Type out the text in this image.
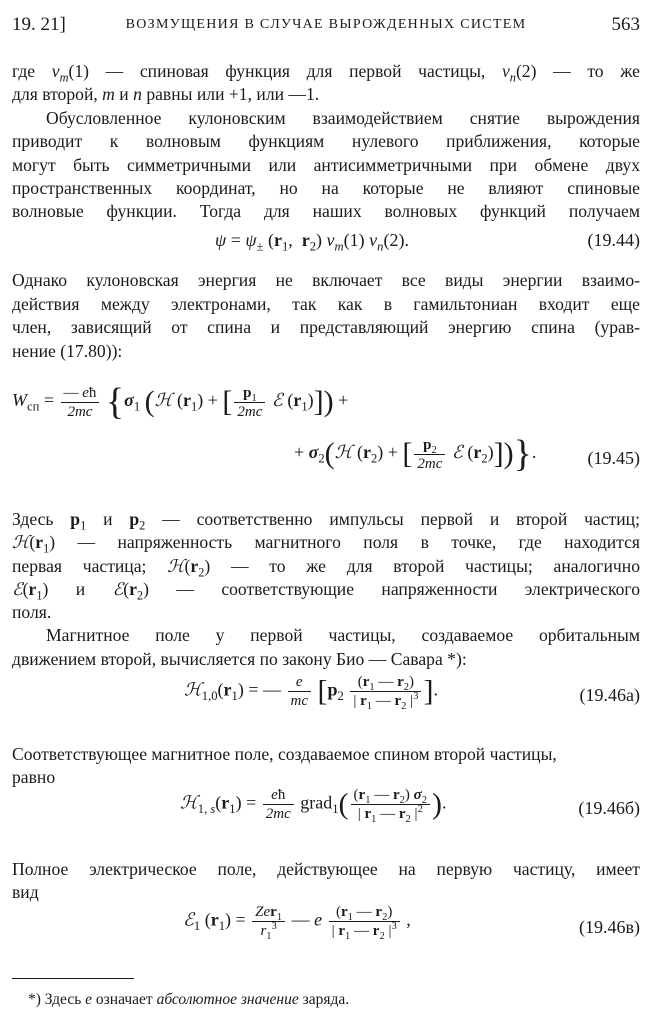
19. 21]	ВОЗМУЩЕНИЯ В СЛУЧАЕ ВЫРОЖДЕННЫХ СИСТЕМ	563
где $v_m(1)$ — спиновая функция для первой частицы, $v_n(2)$ — то же
для второй, m и n равны или +1, или —1.
Обусловленное кулоновским взаимодействием снятие вырождения
приводит к волновым функциям нулевого приближения, которые
могут быть симметричными или антисимметричными при обмене двух
пространственных координат, но на которые не влияют спиновые
волновые функции. Тогда для наших волновых функций получаем
$\psi = \psi_\pm$ ($r_1$,  $r_2$) $v_m(1)$ $v_n(2)$.	(19.44)
Однако кулоновская энергия не включает все виды энергии взаимо-
действия между электронами, так как в гамильтониан входит еще
член, зависящий от спина и представляющий энергию спина (урав-
нение (17.80)):
$W_{сп} = \frac{— eħ}{2mc} \{\sigma_1$ (ℋ $(r_1)$ + [ $\frac{p_1}{2mc}$ ℰ $(r_1)$]) +
+ $\sigma_2(ℋ$ $(r_2)$ + [ $\frac{p_2}{2mc}$ ℰ $(r_2)$])}.	(19.45)
Здесь $p_1$ и $p_2$ — соответственно импульсы первой и второй частиц;
$ℋ(r_1)$ — напряженность магнитного поля в точке, где находится
первая частица; $ℋ(r_2)$ — то же для второй частицы; аналогично
$ℰ(r_1)$ и $ℰ(r_2)$ — соответствующие напряженности электрического
поля.
Магнитное поле у первой частицы, создаваемое орбитальным
движением второй, вычисляется по закону Био — Савара *):
$ℋ_{1,0}(r_1)$ = — $\frac{e}{mc} [p_2 \frac{(r_1 — r_2)}{| r_1 — r_2 |^3}$ ].	(19.46а)
Соответствующее магнитное поле, создаваемое спином второй частицы,
равно
$ℋ_{1, s}(r_1) = \frac{eħ}{2mc}$ grad$_1$( $\frac{(r_1 — r_2) \sigma_2}{| r_1 — r_2 |^2}$ ).	(19.46б)
Полное электрическое поле, действующее на первую частицу, имеет
вид
ℰ$_1$ $(r_1) = \frac{Zer_1}{r_1^3}$ — e $\frac{(r_1 — r_2)}{| r_1 — r_2 |^3}$ ,	(19.46в)
*) Здесь e означает абсолютное значение заряда.
